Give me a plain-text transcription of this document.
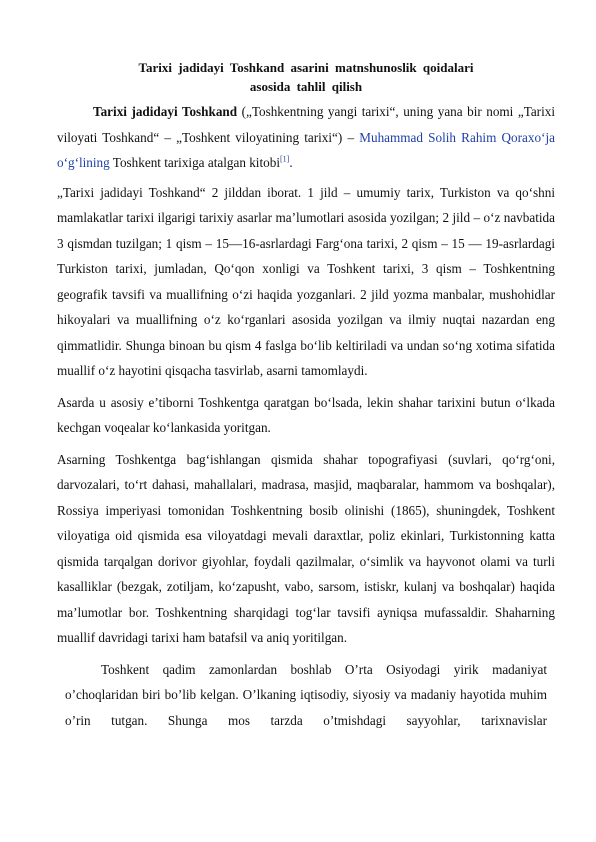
Tarixi jadidayi Toshkand asarini matnshunoslik qoidalari
asosida tahlil qilish

Tarixi jadidayi Toshkand („Toshkentning yangi tarixi“, uning yana bir nomi „Tarixi viloyati Toshkand“ – „Toshkent viloyatining tarixi“) – Muhammad Solih Rahim Qoraxo‘ja o‘g‘lining Toshkent tarixiga atalgan kitobi[1].

„Tarixi jadidayi Toshkand“ 2 jilddan iborat. 1 jild – umumiy tarix, Turkiston va qo‘shni mamlakatlar tarixi ilgarigi tarixiy asarlar ma’lumotlari asosida yozilgan; 2 jild – o‘z navbatida 3 qismdan tuzilgan; 1 qism – 15—16-asrlardagi Farg‘ona tarixi, 2 qism – 15 — 19-asrlardagi Turkiston tarixi, jumladan, Qo‘qon xonligi va Toshkent tarixi, 3 qism – Toshkentning geografik tavsifi va muallifning o‘zi haqida yozganlari. 2 jild yozma manbalar, mushohidlar hikoyalari va muallifning o‘z ko‘rganlari asosida yozilgan va ilmiy nuqtai nazardan eng qimmatlidir. Shunga binoan bu qism 4 faslga bo‘lib keltiriladi va undan so‘ng xotima sifatida muallif o‘z hayotini qisqacha tasvirlab, asarni tamomlaydi.

Asarda u asosiy e’tiborni Toshkentga qaratgan bo‘lsada, lekin shahar tarixini butun o‘lkada kechgan voqealar ko‘lankasida yoritgan.

Asarning Toshkentga bag‘ishlangan qismida shahar topografiyasi (suvlari, qo‘rg‘oni, darvozalari, to‘rt dahasi, mahallalari, madrasa, masjid, maqbaralar, hammom va boshqalar), Rossiya imperiyasi tomonidan Toshkentning bosib olinishi (1865), shuningdek, Toshkent viloyatiga oid qismida esa viloyatdagi mevali daraxtlar, poliz ekinlari, Turkistonning katta qismida tarqalgan dorivor giyohlar, foydali qazilmalar, o‘simlik va hayvonot olami va turli kasalliklar (bezgak, zotiljam, ko‘zapusht, vabo, sarsom, istiskr, kulanj va boshqalar) haqida ma’lumotlar bor. Toshkentning sharqidagi tog‘lar tavsifi ayniqsa mufassaldir. Shaharning muallif davridagi tarixi ham batafsil va aniq yoritilgan.

Toshkent qadim zamonlardan boshlab O’rta Osiyodagi yirik madaniyat o’choqlaridan biri bo’lib kelgan. O’lkaning iqtisodiy, siyosiy va madaniy hayotida muhim o’rin tutgan. Shunga mos tarzda o’tmishdagi sayyohlar, tarixnavislar
